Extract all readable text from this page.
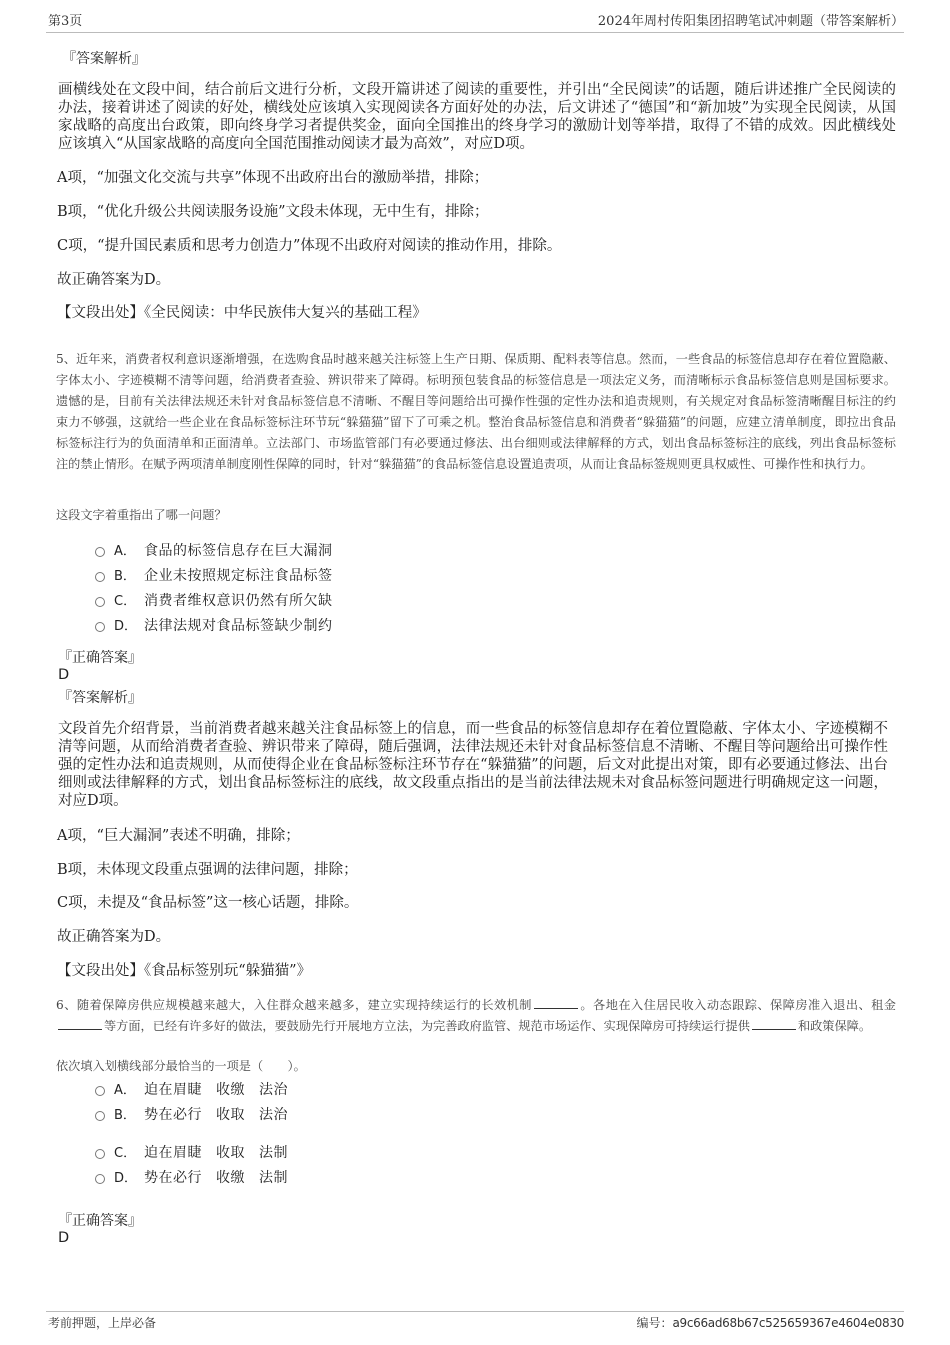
第3页	2024年周村传阳集团招聘笔试冲刺题（带答案解析）
『答案解析』
画横线处在文段中间，结合前后文进行分析，文段开篇讲述了阅读的重要性，并引出“全民阅读”的话题，随后讲述推广全民阅读的办法，接着讲述了阅读的好处，横线处应该填入实现阅读各方面好处的办法，后文讲述了“德国”和“新加坡”为实现全民阅读，从国家战略的高度出台政策，即向终身学习者提供奖金，面向全国推出的终身学习的激励计划等举措，取得了不错的成效。因此横线处应该填入“从国家战略的高度向全国范围推动阅读才最为高效”，对应D项。
A项，“加强文化交流与共享”体现不出政府出台的激励举措，排除；
B项，“优化升级公共阅读服务设施”文段未体现，无中生有，排除；
C项，“提升国民素质和思考力创造力”体现不出政府对阅读的推动作用，排除。
故正确答案为D。
【文段出处】《全民阅读：中华民族伟大复兴的基础工程》
5、近年来，消费者权利意识逐渐增强，在选购食品时越来越关注标签上生产日期、保质期、配料表等信息。然而，一些食品的标签信息却存在着位置隐蔽、字体太小、字迹模糊不清等问题，给消费者查验、辨识带来了障碍。标明预包装食品的标签信息是一项法定义务，而清晰标示食品标签信息则是国标要求。遗憾的是，目前有关法律法规还未针对食品标签信息不清晰、不醒目等问题给出可操作性强的定性办法和追责规则，有关规定对食品标签清晰醒目标注的约束力不够强，这就给一些企业在食品标签标注环节玩“躲猫猫”留下了可乘之机。整治食品标签信息和消费者“躲猫猫”的问题，应建立清单制度，即拉出食品标签标注行为的负面清单和正面清单。立法部门、市场监管部门有必要通过修法、出台细则或法律解释的方式，划出食品标签标注的底线，列出食品标签标注的禁止情形。在赋予两项清单制度刚性保障的同时，针对“躲猫猫”的食品标签信息设置追责项，从而让食品标签规则更具权威性、可操作性和执行力。
这段文字着重指出了哪一问题？
A． 食品的标签信息存在巨大漏洞
B． 企业未按照规定标注食品标签
C． 消费者维权意识仍然有所欠缺
D． 法律法规对食品标签缺少制约
『正确答案』
D
『答案解析』
文段首先介绍背景，当前消费者越来越关注食品标签上的信息，而一些食品的标签信息却存在着位置隐蔽、字体太小、字迹模糊不清等问题，从而给消费者查验、辨识带来了障碍，随后强调，法律法规还未针对食品标签信息不清晰、不醒目等问题给出可操作性强的定性办法和追责规则，从而使得企业在食品标签标注环节存在“躲猫猫”的问题，后文对此提出对策，即有必要通过修法、出台细则或法律解释的方式，划出食品标签标注的底线，故文段重点指出的是当前法律法规未对食品标签问题进行明确规定这一问题，对应D项。
A项，“巨大漏洞”表述不明确，排除；
B项，未体现文段重点强调的法律问题，排除；
C项，未提及“食品标签”这一核心话题，排除。
故正确答案为D。
【文段出处】《食品标签别玩“躲猫猫”》
6、随着保障房供应规模越来越大，入住群众越来越多，建立实现持续运行的长效机制	。各地在入住居民收入动态跟踪、保障房准入退出、租金等方面，已经有许多好的做法，要鼓励先行开展地方立法，为完善政府监管、规范市场运作、实现保障房可持续运行提供	和政策保障。
依次填入划横线部分最恰当的一项是（　　）。
A． 迫在眉睫 收缴 法治
B． 势在必行 收取 法治
C． 迫在眉睫 收取 法制
D． 势在必行 收缴 法制
『正确答案』
D
考前押题，上岸必备	编号：a9c66ad68b67c525659367e4604e0830
